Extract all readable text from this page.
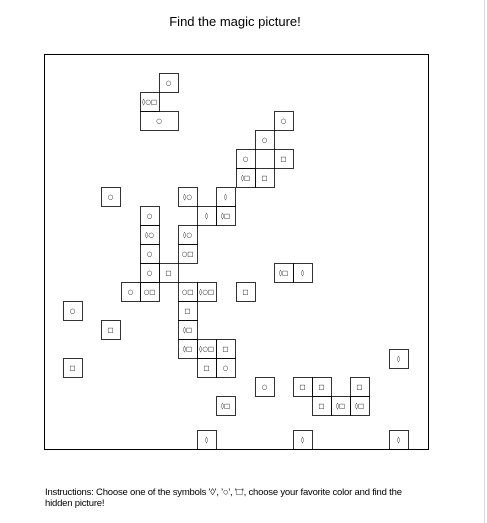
Find the magic picture!
○
◊○□
○	○
○
○	□
◊□ □
○	◊○	◊
○	◊ ◊□
◊○	◊○
○	○□
○ □	◊□ ◊
○ ○□	○□ ◊○□	□
○	□
□	◊□
◊□ ◊○□ □
□	□ ○
○	□ □
◊□	□ ◊□
□
◊□
◊
◊	◊	◊
Instructions: Choose one of the symbols '◊', '○', '□', choose your favorite color and find the hidden picture!
